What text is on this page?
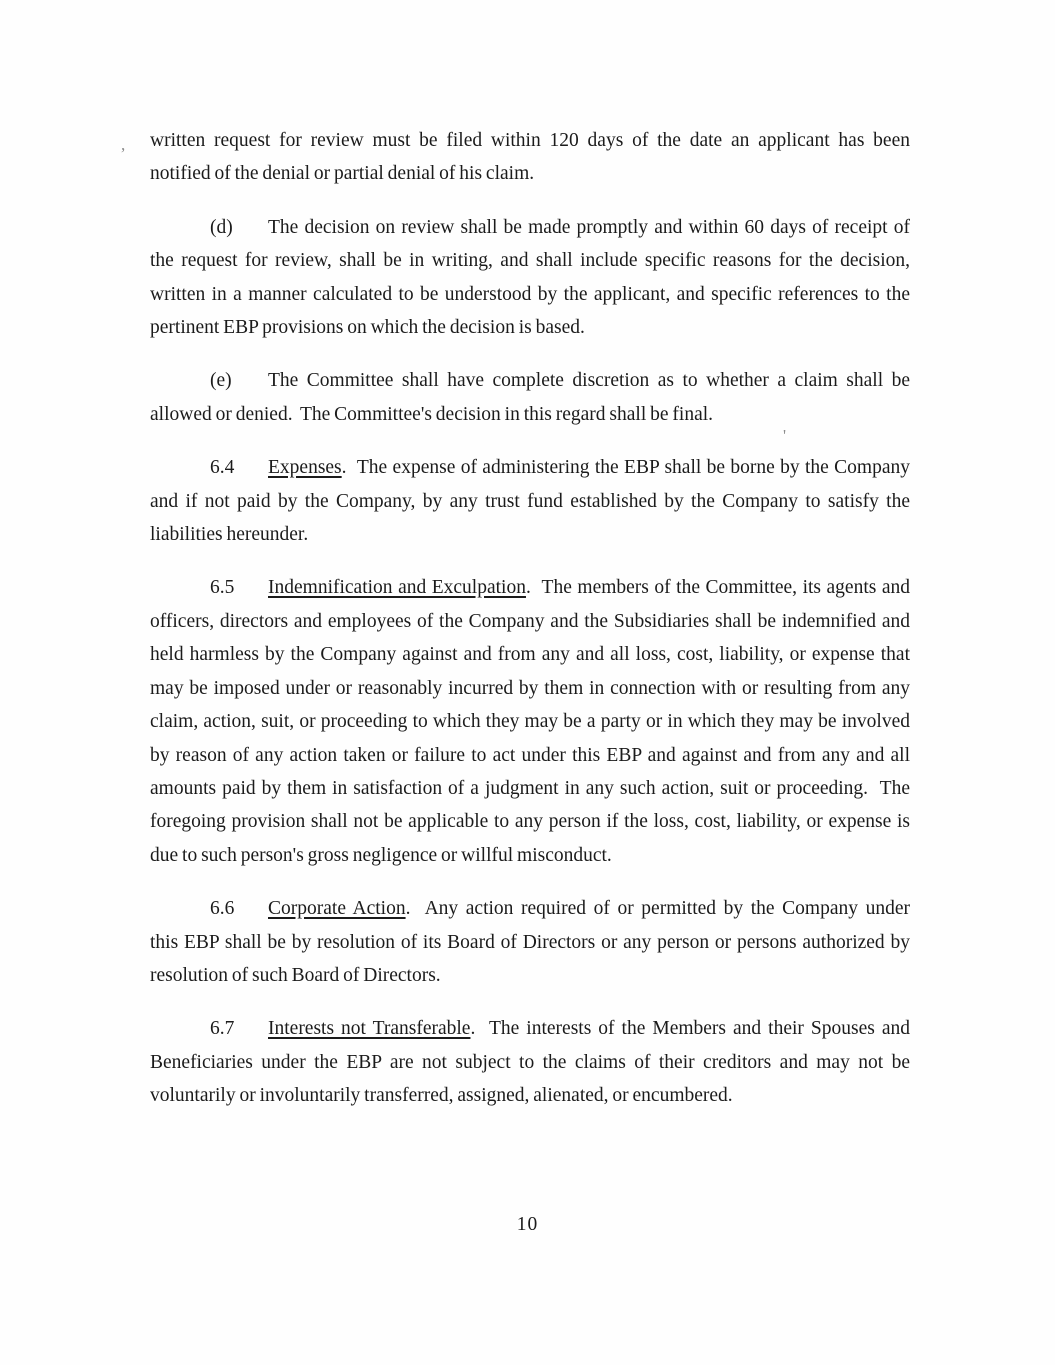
written request for review must be filed within 120 days of the date an applicant has been
notified of the denial or partial denial of his claim.
(d) The decision on review shall be made promptly and within 60 days of receipt of
the request for review, shall be in writing, and shall include specific reasons for the decision,
written in a manner calculated to be understood by the applicant, and specific references to the
pertinent EBP provisions on which the decision is based.
(e) The Committee shall have complete discretion as to whether a claim shall be
allowed or denied.  The Committee's decision in this regard shall be final.
6.4 Expenses.  The expense of administering the EBP shall be borne by the Company
and if not paid by the Company, by any trust fund established by the Company to satisfy the
liabilities hereunder.
6.5 Indemnification and Exculpation.  The members of the Committee, its agents and
officers, directors and employees of the Company and the Subsidiaries shall be indemnified and
held harmless by the Company against and from any and all loss, cost, liability, or expense that
may be imposed under or reasonably incurred by them in connection with or resulting from any
claim, action, suit, or proceeding to which they may be a party or in which they may be involved
by reason of any action taken or failure to act under this EBP and against and from any and all
amounts paid by them in satisfaction of a judgment in any such action, suit or proceeding.  The
foregoing provision shall not be applicable to any person if the loss, cost, liability, or expense is
due to such person's gross negligence or willful misconduct.
6.6 Corporate Action.  Any action required of or permitted by the Company under
this EBP shall be by resolution of its Board of Directors or any person or persons authorized by
resolution of such Board of Directors.
6.7 Interests not Transferable.  The interests of the Members and their Spouses and
Beneficiaries under the EBP are not subject to the claims of their creditors and may not be
voluntarily or involuntarily transferred, assigned, alienated, or encumbered.
10
,
'
